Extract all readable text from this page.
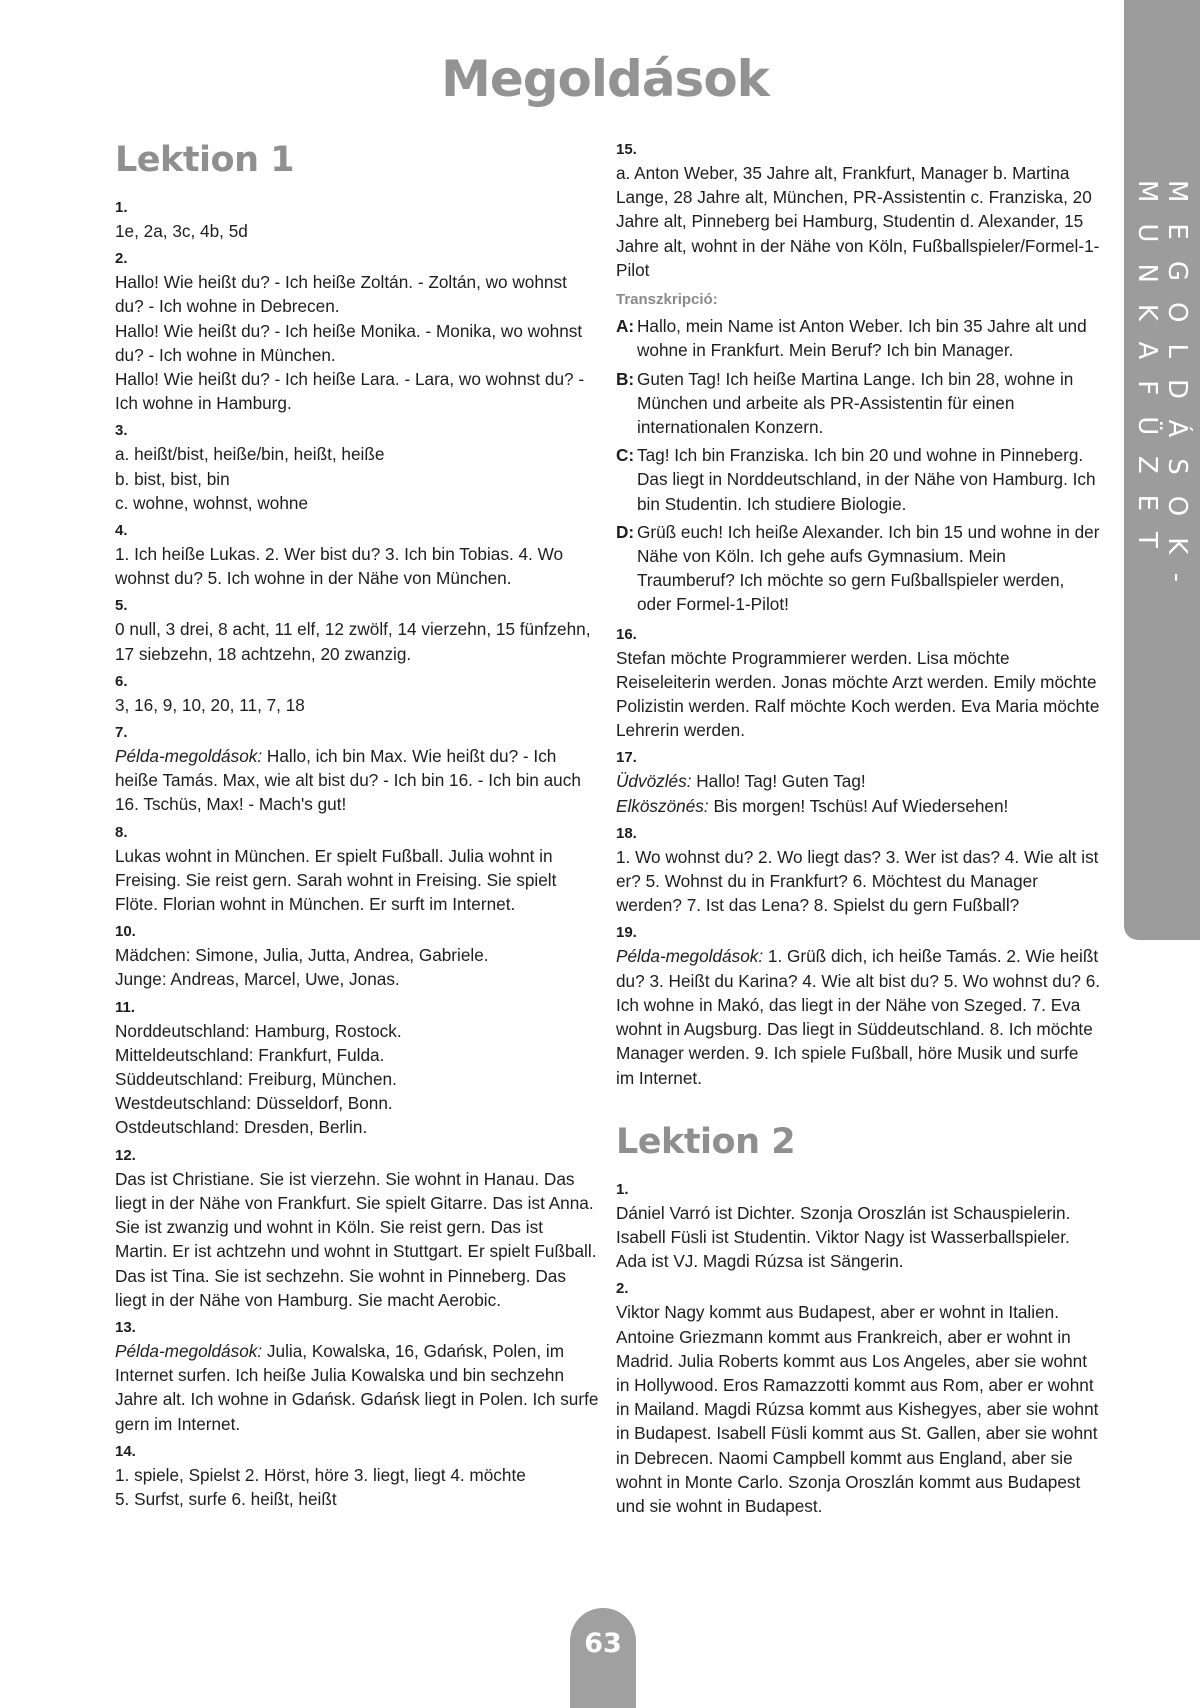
Megoldások
MEGOLDÁSOK-MUNKAFÜZET
Lektion 1
1.
1e, 2a, 3c, 4b, 5d
2.
Hallo! Wie heißt du? - Ich heiße Zoltán. - Zoltán, wo wohnst du? - Ich wohne in Debrecen.
Hallo! Wie heißt du? - Ich heiße Monika. - Monika, wo wohnst du? - Ich wohne in München.
Hallo! Wie heißt du? - Ich heiße Lara. - Lara, wo wohnst du? - Ich wohne in Hamburg.
3.
a. heißt/bist, heiße/bin, heißt, heiße
b. bist, bist, bin
c. wohne, wohnst, wohne
4.
1. Ich heiße Lukas. 2. Wer bist du? 3. Ich bin Tobias. 4. Wo wohnst du? 5. Ich wohne in der Nähe von München.
5.
0 null, 3 drei, 8 acht, 11 elf, 12 zwölf, 14 vierzehn, 15 fünfzehn, 17 siebzehn, 18 achtzehn, 20 zwanzig.
6.
3, 16, 9, 10, 20, 11, 7, 18
7.
Példa-megoldások: Hallo, ich bin Max. Wie heißt du? - Ich heiße Tamás. Max, wie alt bist du? - Ich bin 16. - Ich bin auch 16. Tschüs, Max! - Mach's gut!
8.
Lukas wohnt in München. Er spielt Fußball. Julia wohnt in Freising. Sie reist gern. Sarah wohnt in Freising. Sie spielt Flöte. Florian wohnt in München. Er surft im Internet.
10.
Mädchen: Simone, Julia, Jutta, Andrea, Gabriele.
Junge: Andreas, Marcel, Uwe, Jonas.
11.
Norddeutschland: Hamburg, Rostock.
Mitteldeutschland: Frankfurt, Fulda.
Süddeutschland: Freiburg, München.
Westdeutschland: Düsseldorf, Bonn.
Ostdeutschland: Dresden, Berlin.
12.
Das ist Christiane. Sie ist vierzehn. Sie wohnt in Hanau. Das liegt in der Nähe von Frankfurt. Sie spielt Gitarre. Das ist Anna. Sie ist zwanzig und wohnt in Köln. Sie reist gern. Das ist Martin. Er ist achtzehn und wohnt in Stuttgart. Er spielt Fußball. Das ist Tina. Sie ist sechzehn. Sie wohnt in Pinneberg. Das liegt in der Nähe von Hamburg. Sie macht Aerobic.
13.
Példa-megoldások: Julia, Kowalska, 16, Gdańsk, Polen, im Internet surfen. Ich heiße Julia Kowalska und bin sechzehn Jahre alt. Ich wohne in Gdańsk. Gdańsk liegt in Polen. Ich surfe gern im Internet.
14.
1. spiele, Spielst 2. Hörst, höre 3. liegt, liegt 4. möchte
5. Surfst, surfe 6. heißt, heißt
15.
a. Anton Weber, 35 Jahre alt, Frankfurt, Manager b. Martina Lange, 28 Jahre alt, München, PR-Assistentin c. Franziska, 20 Jahre alt, Pinneberg bei Hamburg, Studentin d. Alexander, 15 Jahre alt, wohnt in der Nähe von Köln, Fußballspieler/Formel-1-Pilot
Transzkripció:
A: Hallo, mein Name ist Anton Weber. Ich bin 35 Jahre alt und wohne in Frankfurt. Mein Beruf? Ich bin Manager.
B: Guten Tag! Ich heiße Martina Lange. Ich bin 28, wohne in München und arbeite als PR-Assistentin für einen internationalen Konzern.
C: Tag! Ich bin Franziska. Ich bin 20 und wohne in Pinneberg. Das liegt in Norddeutschland, in der Nähe von Hamburg. Ich bin Studentin. Ich studiere Biologie.
D: Grüß euch! Ich heiße Alexander. Ich bin 15 und wohne in der Nähe von Köln. Ich gehe aufs Gymnasium. Mein Traumberuf? Ich möchte so gern Fußballspieler werden, oder Formel-1-Pilot!
16.
Stefan möchte Programmierer werden. Lisa möchte Reiseleiterin werden. Jonas möchte Arzt werden. Emily möchte Polizistin werden. Ralf möchte Koch werden. Eva Maria möchte Lehrerin werden.
17.
Üdvözlés: Hallo! Tag! Guten Tag!
Elköszönés: Bis morgen! Tschüs! Auf Wiedersehen!
18.
1. Wo wohnst du? 2. Wo liegt das? 3. Wer ist das? 4. Wie alt ist er? 5. Wohnst du in Frankfurt? 6. Möchtest du Manager werden? 7. Ist das Lena? 8. Spielst du gern Fußball?
19.
Példa-megoldások: 1. Grüß dich, ich heiße Tamás. 2. Wie heißt du? 3. Heißt du Karina? 4. Wie alt bist du? 5. Wo wohnst du? 6. Ich wohne in Makó, das liegt in der Nähe von Szeged. 7. Eva wohnt in Augsburg. Das liegt in Süddeutschland. 8. Ich möchte Manager werden. 9. Ich spiele Fußball, höre Musik und surfe im Internet.
Lektion 2
1.
Dániel Varró ist Dichter. Szonja Oroszlán ist Schauspielerin. Isabell Füsli ist Studentin. Viktor Nagy ist Wasserballspieler. Ada ist VJ. Magdi Rúzsa ist Sängerin.
2.
Viktor Nagy kommt aus Budapest, aber er wohnt in Italien. Antoine Griezmann kommt aus Frankreich, aber er wohnt in Madrid. Julia Roberts kommt aus Los Angeles, aber sie wohnt in Hollywood. Eros Ramazzotti kommt aus Rom, aber er wohnt in Mailand. Magdi Rúzsa kommt aus Kishegyes, aber sie wohnt in Budapest. Isabell Füsli kommt aus St. Gallen, aber sie wohnt in Debrecen. Naomi Campbell kommt aus England, aber sie wohnt in Monte Carlo. Szonja Oroszlán kommt aus Budapest und sie wohnt in Budapest.
63
